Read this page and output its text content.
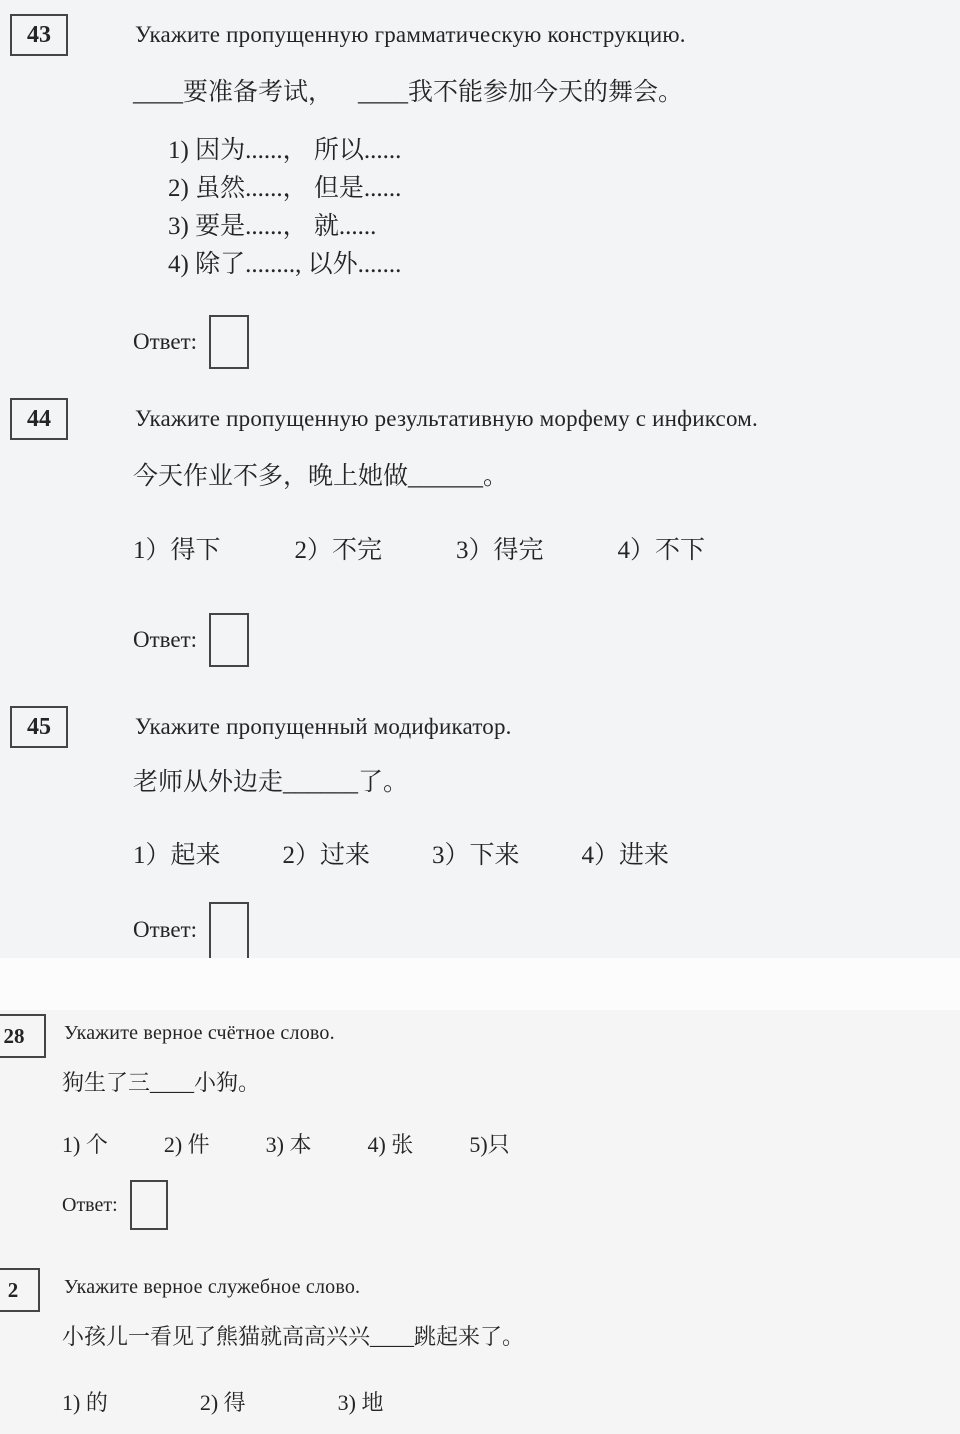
43	Укажите пропущенную грамматическую конструкцию.
____要准备考试，    ____我不能参加今天的舞会。
1) 因为......， 所以......
2) 虽然......， 但是......
3) 要是......， 就......
4) 除了........, 以外.......
Ответ:
44	Укажите пропущенную результативную морфему с инфиксом.
今天作业不多，晚上她做______。
1）得下	2）不完	3）得完	4）不下
Ответ:
45	Укажите пропущенный модификатор.
老师从外边走______了。
1）起来 2）过来 3）下来 4）进来
Ответ:
28	Укажите верное счётное слово.
狗生了三____小狗。
1) 个	2) 件	3) 本	4) 张	5)只
Ответ:
2	Укажите верное служебное слово.
小孩儿一看见了熊猫就高高兴兴____跳起来了。
1) 的	2) 得	3) 地
